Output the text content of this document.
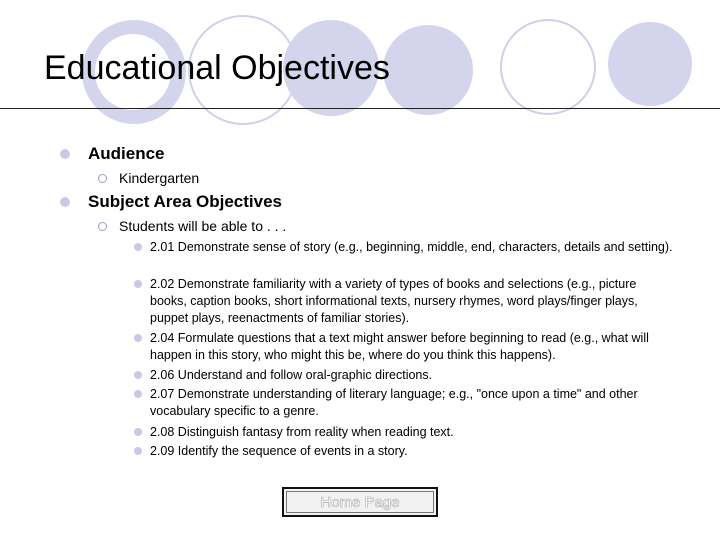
Educational Objectives
Audience
Kindergarten
Subject Area Objectives
Students will be able to . . .
2.01 Demonstrate sense of story (e.g., beginning, middle, end, characters, details and setting).
2.02 Demonstrate familiarity with a variety of types of books and selections (e.g., picture books, caption books, short informational texts, nursery rhymes, word plays/finger plays, puppet plays, reenactments of familiar stories).
2.04 Formulate questions that a text might answer before beginning to read (e.g., what will happen in this story, who might this be, where do you think this happens).
2.06 Understand and follow oral-graphic directions.
2.07 Demonstrate understanding of literary language; e.g., "once upon a time" and other vocabulary specific to a genre.
2.08 Distinguish fantasy from reality when reading text.
2.09 Identify the sequence of events in a story.
Home Page
